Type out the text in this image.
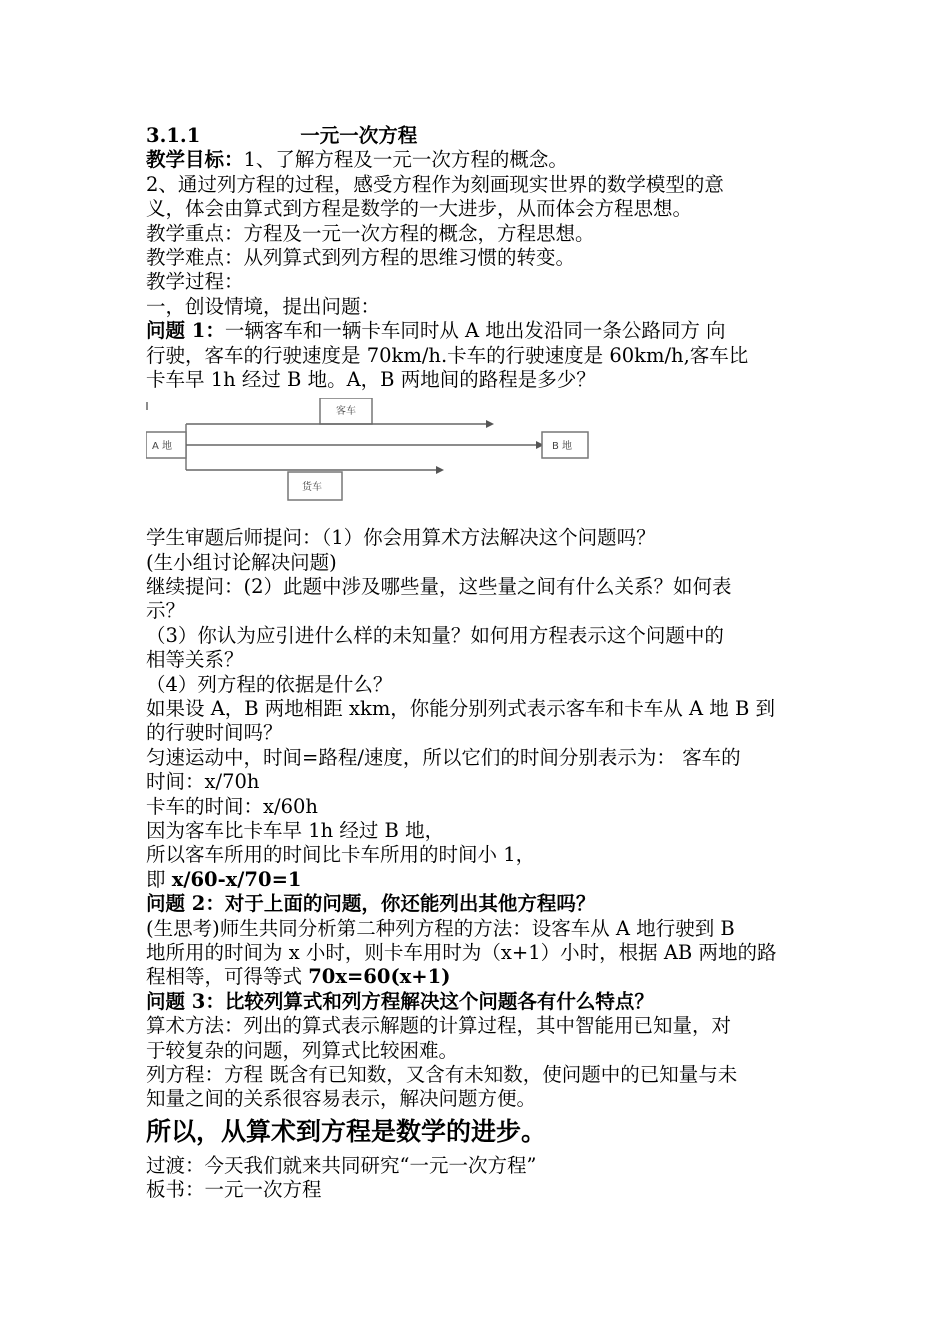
3.1.1	一元一次方程
教学目标：1、了解方程及一元一次方程的概念。
2、通过列方程的过程，感受方程作为刻画现实世界的数学模型的意
义，体会由算式到方程是数学的一大进步，从而体会方程思想。
教学重点：方程及一元一次方程的概念，方程思想。
教学难点：从列算式到列方程的思维习惯的转变。
教学过程：
一，创设情境，提出问题：
问题 1：一辆客车和一辆卡车同时从 A 地出发沿同一条公路同方 向
行驶，客车的行驶速度是 70km/h.卡车的行驶速度是 60km/h,客车比
卡车早 1h 经过 B 地。A，B 两地间的路程是多少？
客车
A 地	B 地
货车
学生审题后师提问：（1）你会用算术方法解决这个问题吗？
(生小组讨论解决问题)
继续提问：(2）此题中涉及哪些量，这些量之间有什么关系？如何表
示？
（3）你认为应引进什么样的未知量？如何用方程表示这个问题中的
相等关系？
（4）列方程的依据是什么？
如果设 A，B 两地相距 xkm，你能分别列式表示客车和卡车从 A 地 B 到
的行驶时间吗？
匀速运动中，时间=路程/速度，所以它们的时间分别表示为： 客车的
时间：x/70h
卡车的时间：x/60h
因为客车比卡车早 1h 经过 B 地，
所以客车所用的时间比卡车所用的时间小 1，
即 x/60-x/70=1
问题 2：对于上面的问题，你还能列出其他方程吗？
(生思考)师生共同分析第二种列方程的方法：设客车从 A 地行驶到 B
地所用的时间为 x 小时，则卡车用时为（x+1）小时，根据 AB 两地的路
程相等，可得等式 70x=60(x+1)
问题 3：比较列算式和列方程解决这个问题各有什么特点？
算术方法：列出的算式表示解题的计算过程，其中智能用已知量，对
于较复杂的问题，列算式比较困难。
列方程：方程 既含有已知数，又含有未知数，使问题中的已知量与未
知量之间的关系很容易表示，解决问题方便。
所以，从算术到方程是数学的进步。
过渡：今天我们就来共同研究“一元一次方程”
板书：一元一次方程
